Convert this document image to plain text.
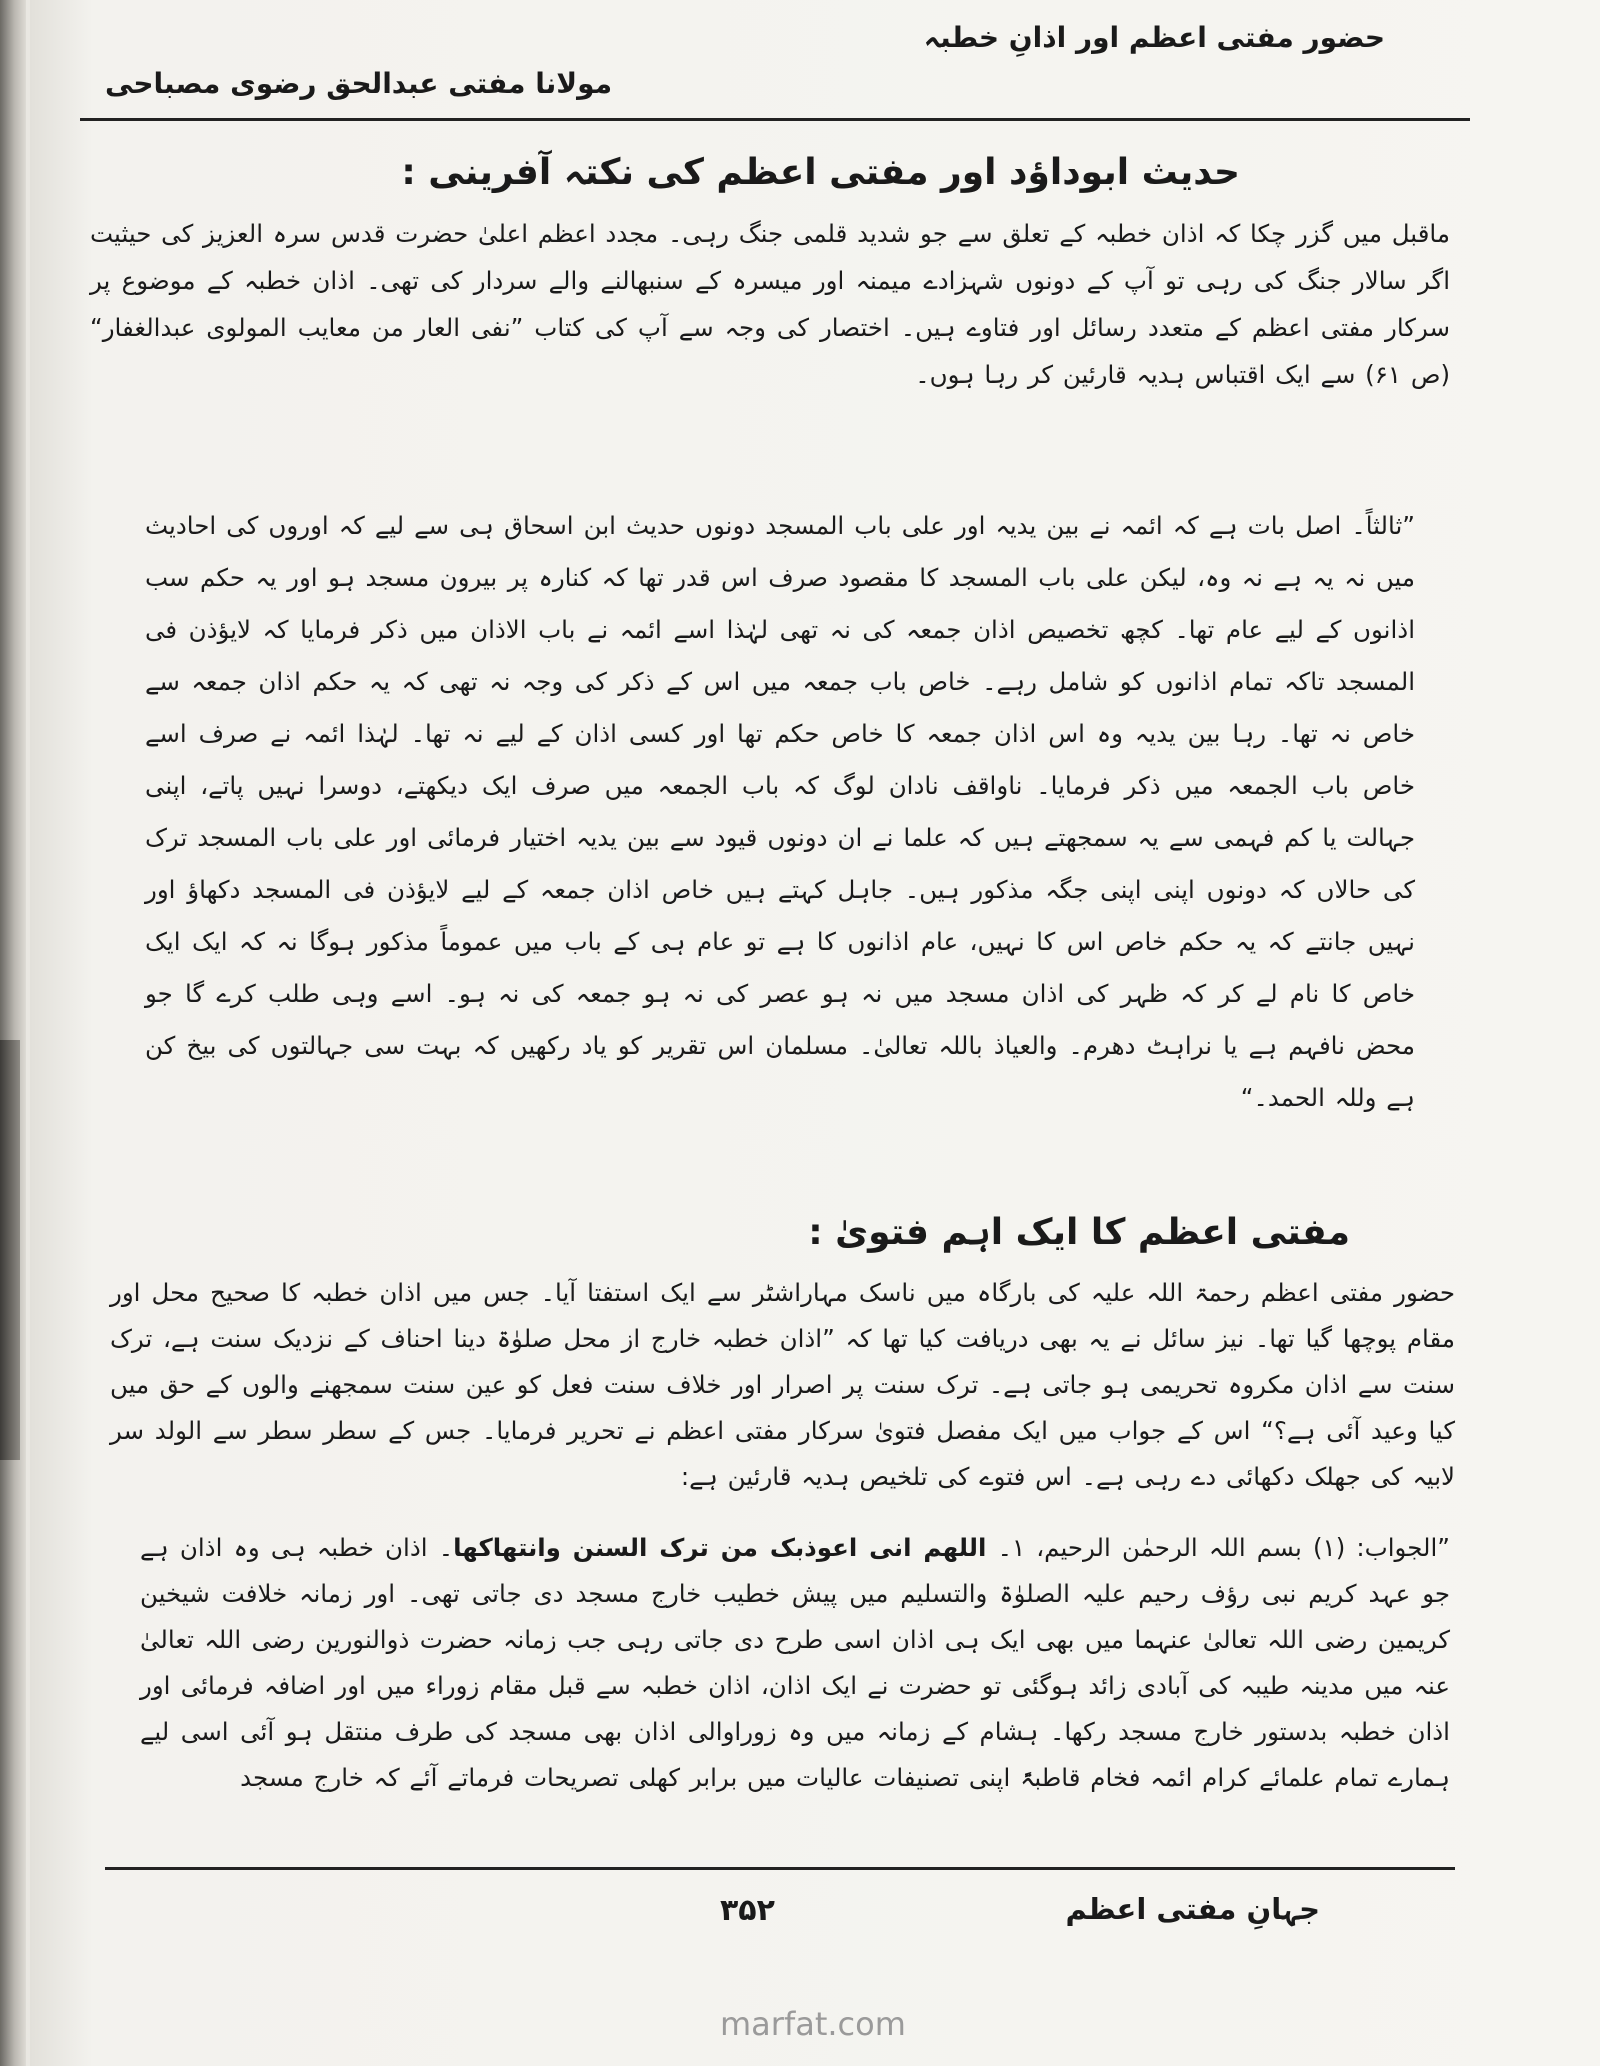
حضور مفتی اعظم اور اذانِ خطبہ
مولانا مفتی عبدالحق رضوی مصباحی
حدیث ابوداؤد اور مفتی اعظم کی نکتہ آفرینی :

ماقبل میں گزر چکا کہ اذان خطبہ کے تعلق سے جو شدید قلمی جنگ رہی۔ مجدد اعظم اعلیٰ حضرت قدس سرہ العزیز کی حیثیت اگر سالار جنگ کی رہی تو آپ کے دونوں شہزادے میمنہ اور میسرہ کے سنبھالنے والے سردار کی تھی۔ اذان خطبہ کے موضوع پر سرکار مفتی اعظم کے متعدد رسائل اور فتاوے ہیں۔ اختصار کی وجہ سے آپ کی کتاب ”نفی العار من معایب المولوی عبدالغفار“ (ص ۶۱) سے ایک اقتباس ہدیہ قارئین کر رہا ہوں۔

”ثالثاً۔ اصل بات ہے کہ ائمہ نے بین یدیہ اور علی باب المسجد دونوں حدیث ابن اسحاق ہی سے لیے کہ اوروں کی احادیث میں نہ یہ ہے نہ وہ، لیکن علی باب المسجد کا مقصود صرف اس قدر تھا کہ کنارہ پر بیرون مسجد ہو اور یہ حکم سب اذانوں کے لیے عام تھا۔ کچھ تخصیص اذان جمعہ کی نہ تھی لہٰذا اسے ائمہ نے باب الاذان میں ذکر فرمایا کہ لایؤذن فی المسجد تاکہ تمام اذانوں کو شامل رہے۔ خاص باب جمعہ میں اس کے ذکر کی وجہ نہ تھی کہ یہ حکم اذان جمعہ سے خاص نہ تھا۔ رہا بین یدیہ وہ اس اذان جمعہ کا خاص حکم تھا اور کسی اذان کے لیے نہ تھا۔ لہٰذا ائمہ نے صرف اسے خاص باب الجمعہ میں ذکر فرمایا۔ ناواقف نادان لوگ کہ باب الجمعہ میں صرف ایک دیکھتے، دوسرا نہیں پاتے، اپنی جہالت یا کم فہمی سے یہ سمجھتے ہیں کہ علما نے ان دونوں قیود سے بین یدیہ اختیار فرمائی اور علی باب المسجد ترک کی حالاں کہ دونوں اپنی اپنی جگہ مذکور ہیں۔ جاہل کہتے ہیں خاص اذان جمعہ کے لیے لایؤذن فی المسجد دکھاؤ اور نہیں جانتے کہ یہ حکم خاص اس کا نہیں، عام اذانوں کا ہے تو عام ہی کے باب میں عموماً مذکور ہوگا نہ کہ ایک ایک خاص کا نام لے کر کہ ظہر کی اذان مسجد میں نہ ہو عصر کی نہ ہو جمعہ کی نہ ہو۔ اسے وہی طلب کرے گا جو محض نافہم ہے یا نراہٹ دھرم۔ والعیاذ باللہ تعالیٰ۔ مسلمان اس تقریر کو یاد رکھیں کہ بہت سی جہالتوں کی بیخ کن ہے وللہ الحمد۔“

مفتی اعظم کا ایک اہم فتویٰ :

حضور مفتی اعظم رحمۃ اللہ علیہ کی بارگاہ میں ناسک مہاراشٹر سے ایک استفتا آیا۔ جس میں اذان خطبہ کا صحیح محل اور مقام پوچھا گیا تھا۔ نیز سائل نے یہ بھی دریافت کیا تھا کہ ”اذان خطبہ خارج از محل صلوٰۃ دینا احناف کے نزدیک سنت ہے، ترک سنت سے اذان مکروہ تحریمی ہو جاتی ہے۔ ترک سنت پر اصرار اور خلاف سنت فعل کو عین سنت سمجھنے والوں کے حق میں کیا وعید آئی ہے؟“ اس کے جواب میں ایک مفصل فتویٰ سرکار مفتی اعظم نے تحریر فرمایا۔ جس کے سطر سطر سے الولد سر لابیہ کی جھلک دکھائی دے رہی ہے۔ اس فتوے کی تلخیص ہدیہ قارئین ہے:

”الجواب: (۱) بسم اللہ الرحمٰن الرحیم، ۱۔ اللھم انی اعوذبک من ترک السنن وانتھاکھا۔ اذان خطبہ ہی وہ اذان ہے جو عہد کریم نبی رؤف رحیم علیہ الصلوٰۃ والتسلیم میں پیش خطیب خارج مسجد دی جاتی تھی۔ اور زمانہ خلافت شیخین کریمین رضی اللہ تعالیٰ عنہما میں بھی ایک ہی اذان اسی طرح دی جاتی رہی جب زمانہ حضرت ذوالنورین رضی اللہ تعالیٰ عنہ میں مدینہ طیبہ کی آبادی زائد ہوگئی تو حضرت نے ایک اذان، اذان خطبہ سے قبل مقام زوراء میں اور اضافہ فرمائی اور اذان خطبہ بدستور خارج مسجد رکھا۔ ہشام کے زمانہ میں وہ زوراوالی اذان بھی مسجد کی طرف منتقل ہو آئی اسی لیے ہمارے تمام علمائے کرام ائمہ فخام قاطبۃً اپنی تصنیفات عالیات میں برابر کھلی تصریحات فرماتے آئے کہ خارج مسجد

جہانِ مفتی اعظم
۳۵۲
marfat.com
